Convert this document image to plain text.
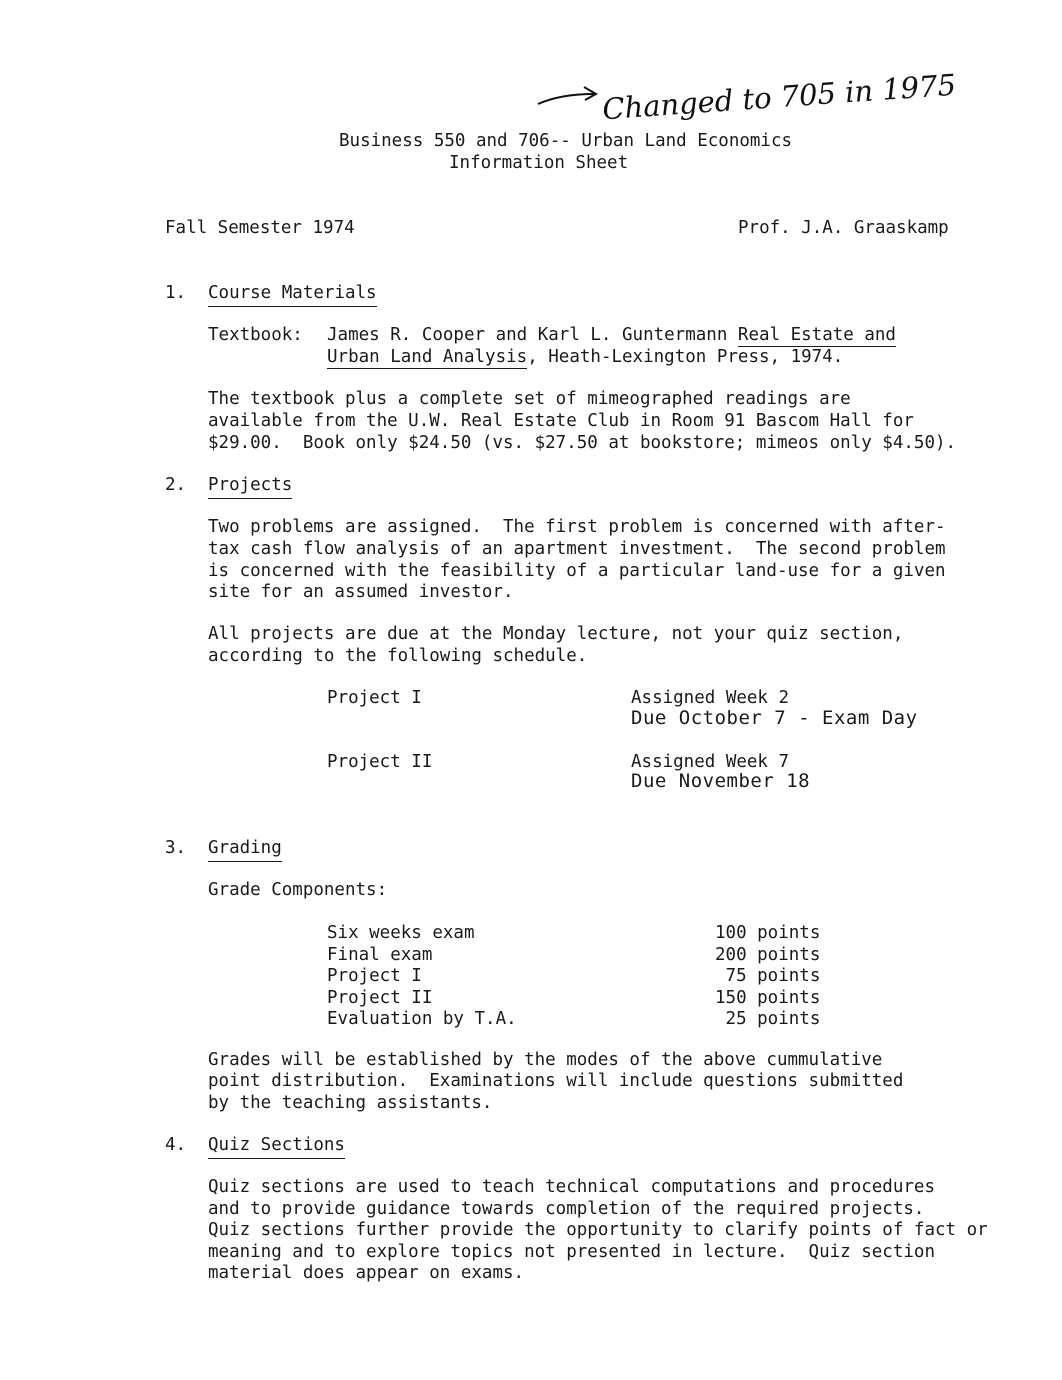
Changed to 705 in 1975
Business 550 and 706-- Urban Land Economics
Information Sheet
Fall Semester 1974	Prof. J.A. Graaskamp
1. Course Materials
Textbook: James R. Cooper and Karl L. Guntermann Real Estate and
Urban Land Analysis, Heath-Lexington Press, 1974.
The textbook plus a complete set of mimeographed readings are
available from the U.W. Real Estate Club in Room 91 Bascom Hall for
$29.00.  Book only $24.50 (vs. $27.50 at bookstore; mimeos only $4.50).
2. Projects
Two problems are assigned.  The first problem is concerned with after-
tax cash flow analysis of an apartment investment.  The second problem
is concerned with the feasibility of a particular land-use for a given
site for an assumed investor.
All projects are due at the Monday lecture, not your quiz section,
according to the following schedule.
Project I	Assigned Week 2
Due October 7 - Exam Day
Project II	Assigned Week 7
Due November 18
3. Grading
Grade Components:
Six weeks exam	100 points
Final exam	200 points
Project I	75 points
Project II	150 points
Evaluation by T.A.	25 points
Grades will be established by the modes of the above cummulative
point distribution.  Examinations will include questions submitted
by the teaching assistants.
4. Quiz Sections
Quiz sections are used to teach technical computations and procedures
and to provide guidance towards completion of the required projects.
Quiz sections further provide the opportunity to clarify points of fact or
meaning and to explore topics not presented in lecture.  Quiz section
material does appear on exams.
